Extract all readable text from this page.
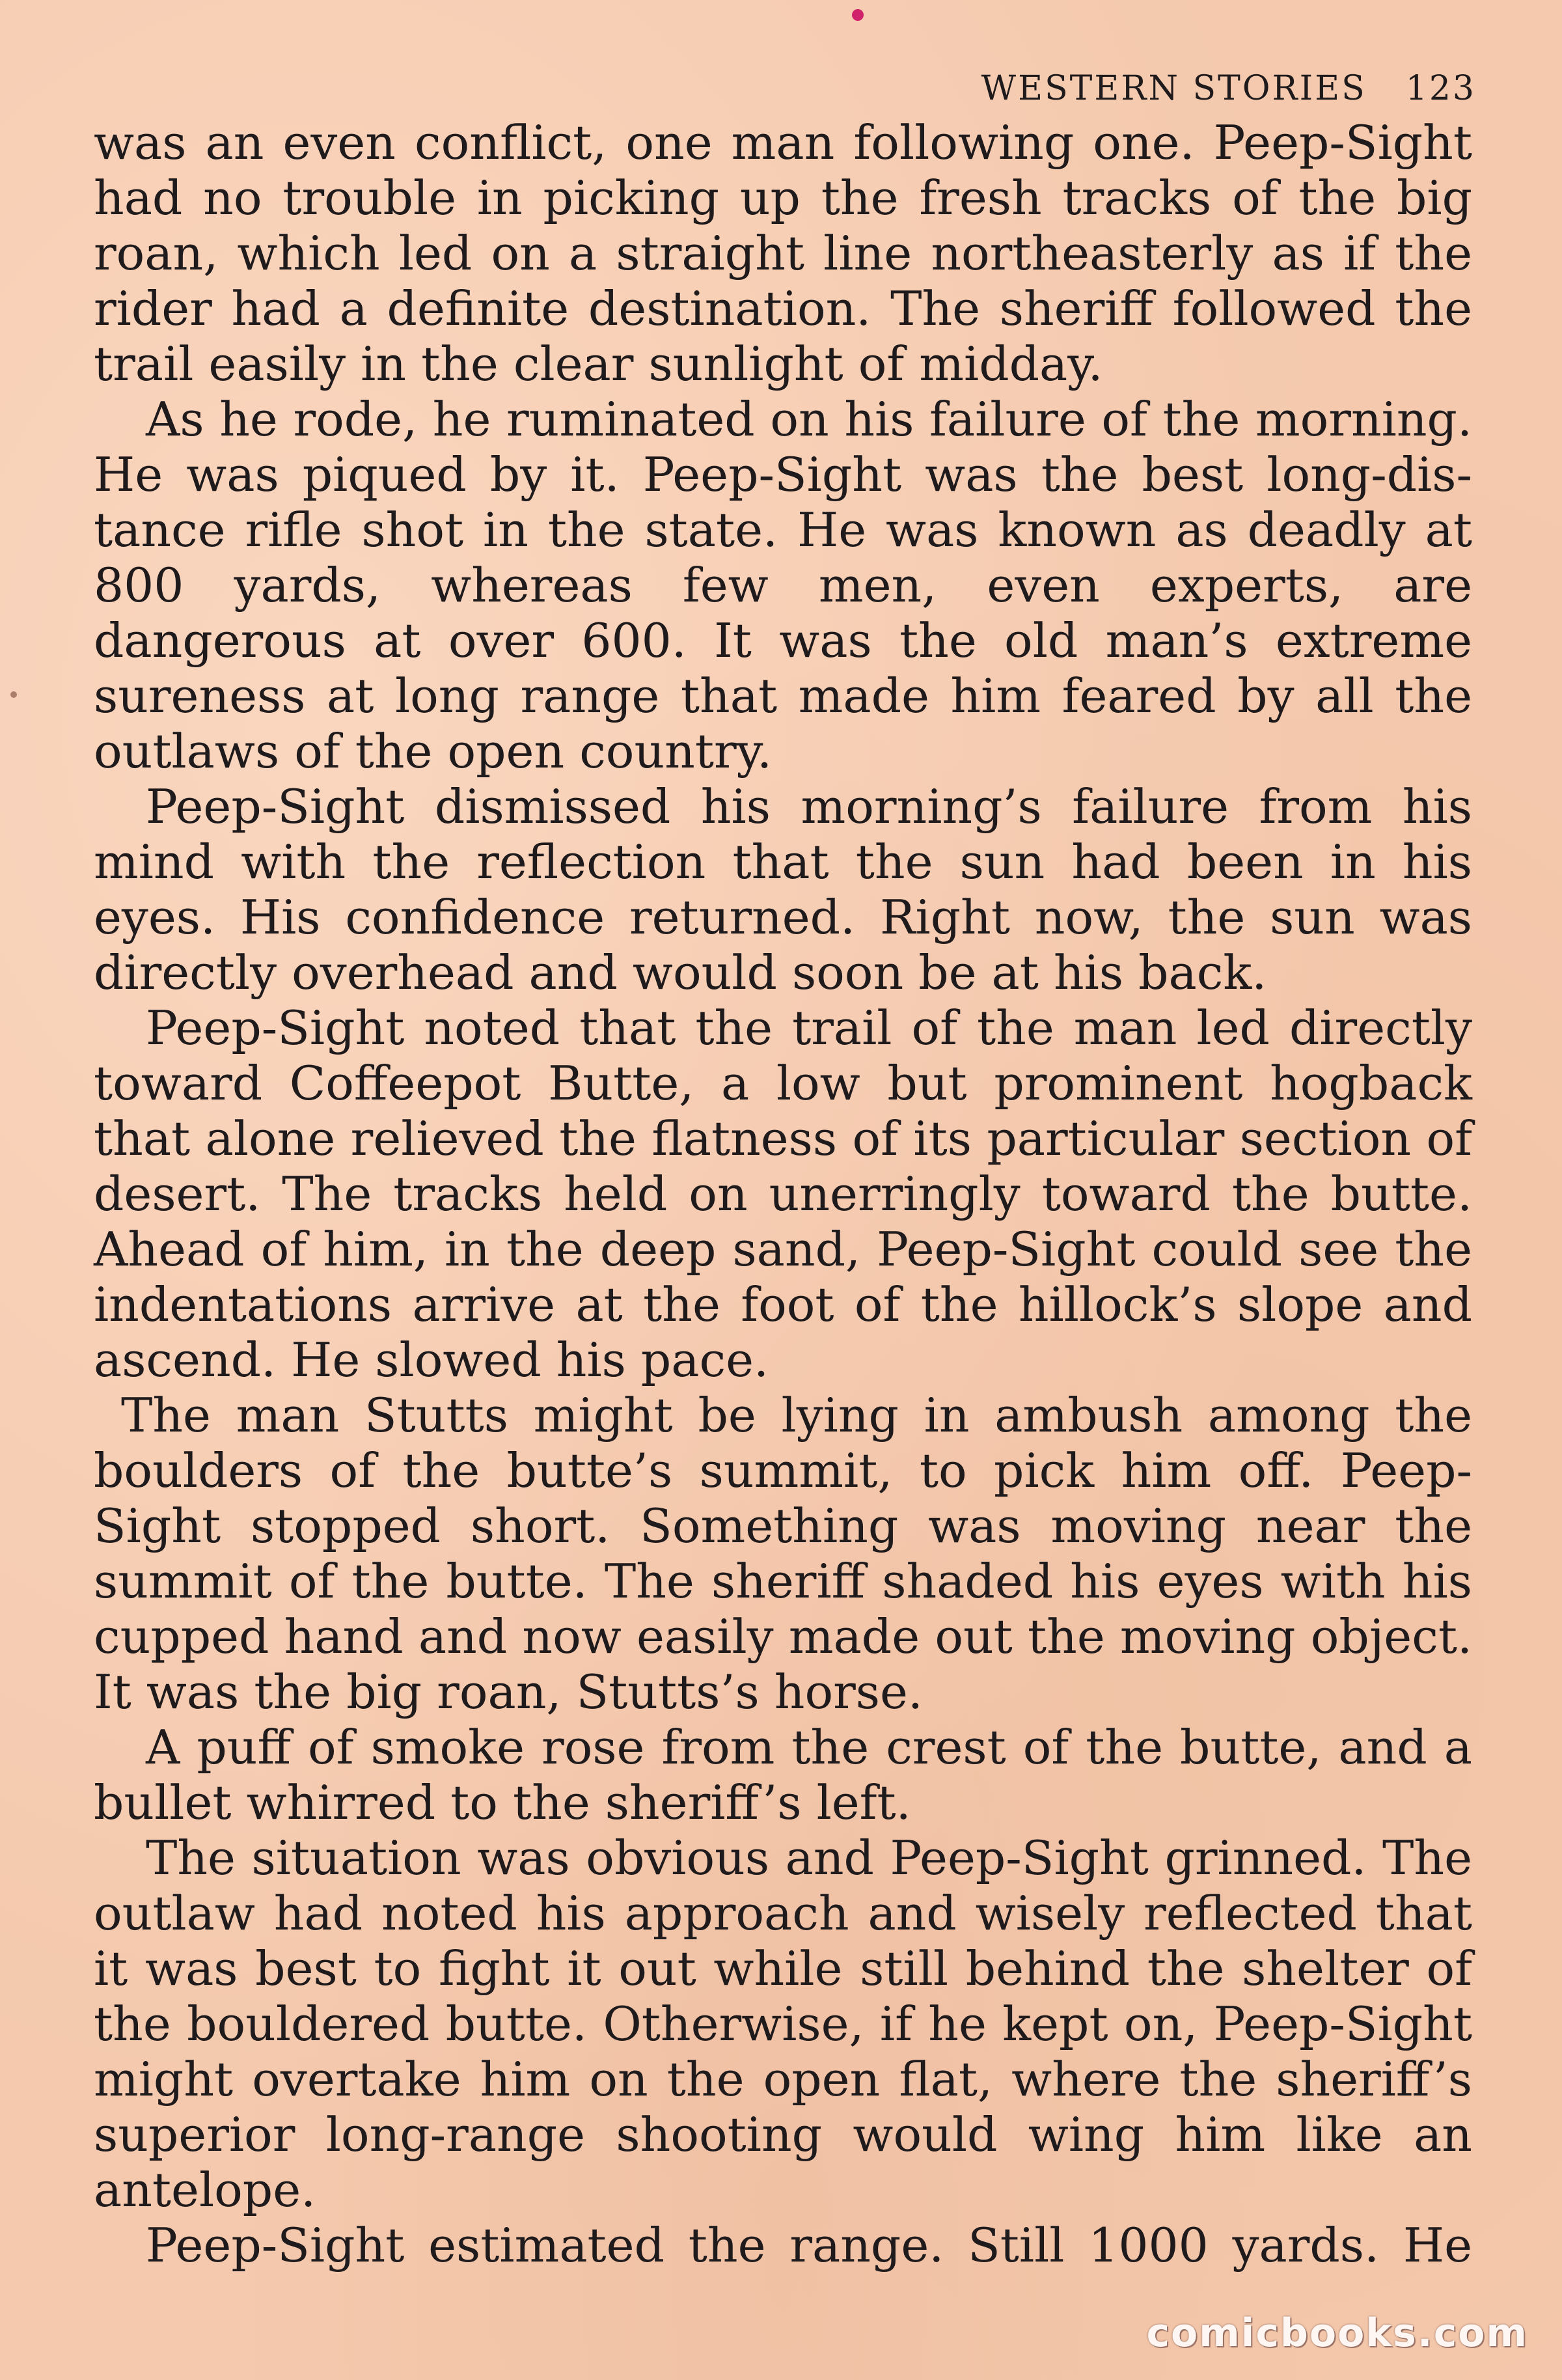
WESTERN STORIES 123

was an even conflict, one man following one. Peep-Sight had no trouble in picking up the fresh tracks of the big roan, which led on a straight line northeasterly as if the rider had a definite destination. The sheriff followed the trail easily in the clear sunlight of midday.

As he rode, he ruminated on his failure of the morning. He was piqued by it. Peep-Sight was the best long-distance rifle shot in the state. He was known as deadly at 800 yards, whereas few men, even experts, are dangerous at over 600. It was the old man’s extreme sureness at long range that made him feared by all the outlaws of the open country.

Peep-Sight dismissed his morning’s failure from his mind with the reflection that the sun had been in his eyes. His confidence returned. Right now, the sun was directly overhead and would soon be at his back.

Peep-Sight noted that the trail of the man led directly toward Coffeepot Butte, a low but prominent hogback that alone relieved the flatness of its particular section of desert. The tracks held on unerringly toward the butte. Ahead of him, in the deep sand, Peep-Sight could see the indentations arrive at the foot of the hillock’s slope and ascend. He slowed his pace.

The man Stutts might be lying in ambush among the boulders of the butte’s summit, to pick him off. Peep-Sight stopped short. Something was moving near the summit of the butte. The sheriff shaded his eyes with his cupped hand and now easily made out the moving object. It was the big roan, Stutts’s horse.

A puff of smoke rose from the crest of the butte, and a bullet whirred to the sheriff’s left.

The situation was obvious and Peep-Sight grinned. The outlaw had noted his approach and wisely reflected that it was best to fight it out while still behind the shelter of the bouldered butte. Otherwise, if he kept on, Peep-Sight might overtake him on the open flat, where the sheriff’s superior long-range shooting would wing him like an antelope.

Peep-Sight estimated the range. Still 1000 yards. He

comicbooks.com
